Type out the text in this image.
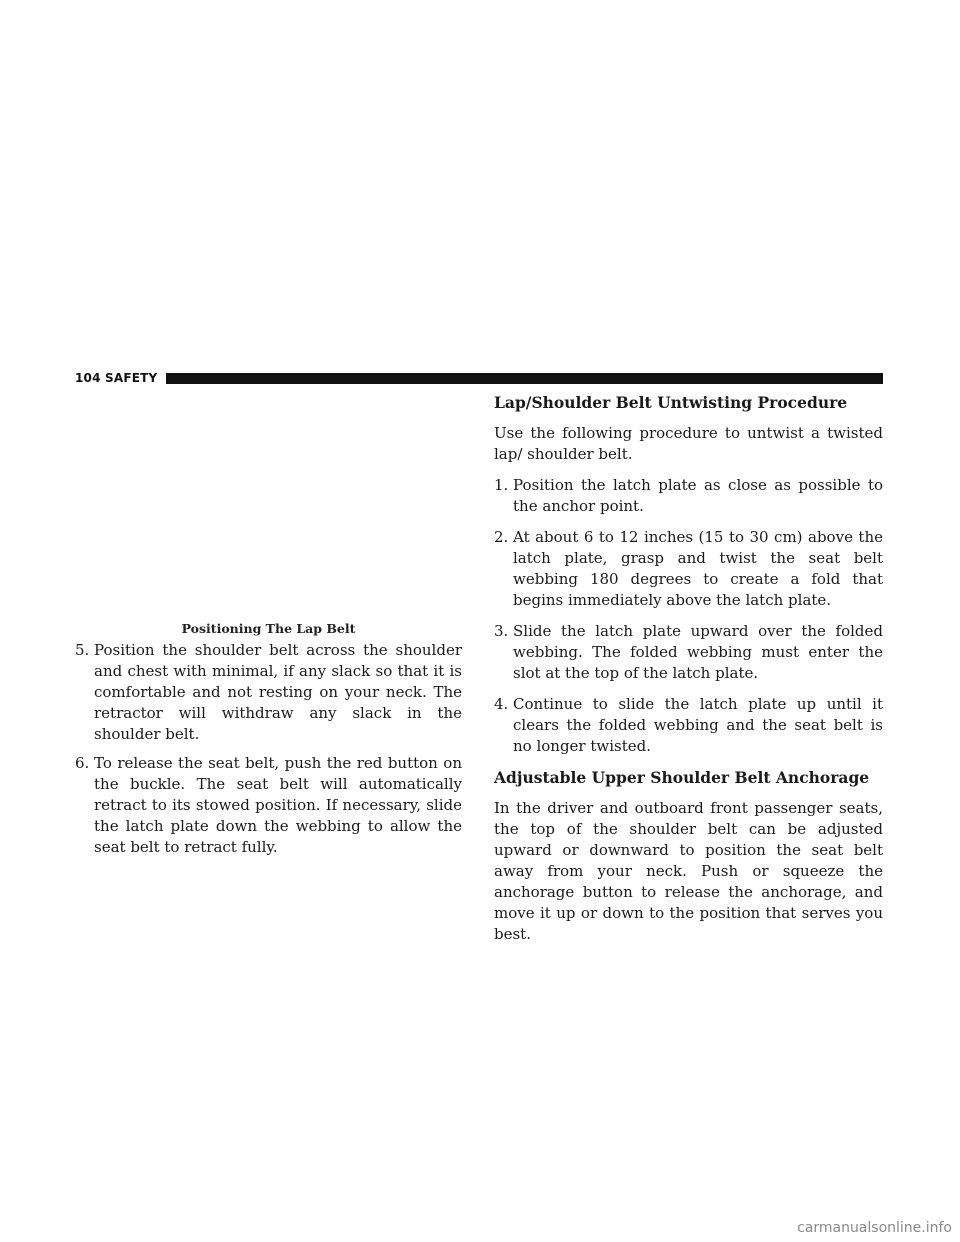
104 SAFETY
Positioning The Lap Belt
5. Position the shoulder belt across the shoulder and chest with minimal, if any slack so that it is comfortable and not resting on your neck. The retractor will withdraw any slack in the shoulder belt.
6. To release the seat belt, push the red button on the buckle. The seat belt will automatically retract to its stowed position. If necessary, slide the latch plate down the webbing to allow the seat belt to retract fully.
Lap/Shoulder Belt Untwisting Procedure

Use the following procedure to untwist a twisted lap/ shoulder belt.

1. Position the latch plate as close as possible to the anchor point.
2. At about 6 to 12 inches (15 to 30 cm) above the latch plate, grasp and twist the seat belt webbing 180 degrees to create a fold that begins immediately above the latch plate.
3. Slide the latch plate upward over the folded webbing. The folded webbing must enter the slot at the top of the latch plate.
4. Continue to slide the latch plate up until it clears the folded webbing and the seat belt is no longer twisted.
Adjustable Upper Shoulder Belt Anchorage

In the driver and outboard front passenger seats, the top of the shoulder belt can be adjusted upward or downward to position the seat belt away from your neck. Push or squeeze the anchorage button to release the anchorage, and move it up or down to the position that serves you best.

carmanualsonline.info
